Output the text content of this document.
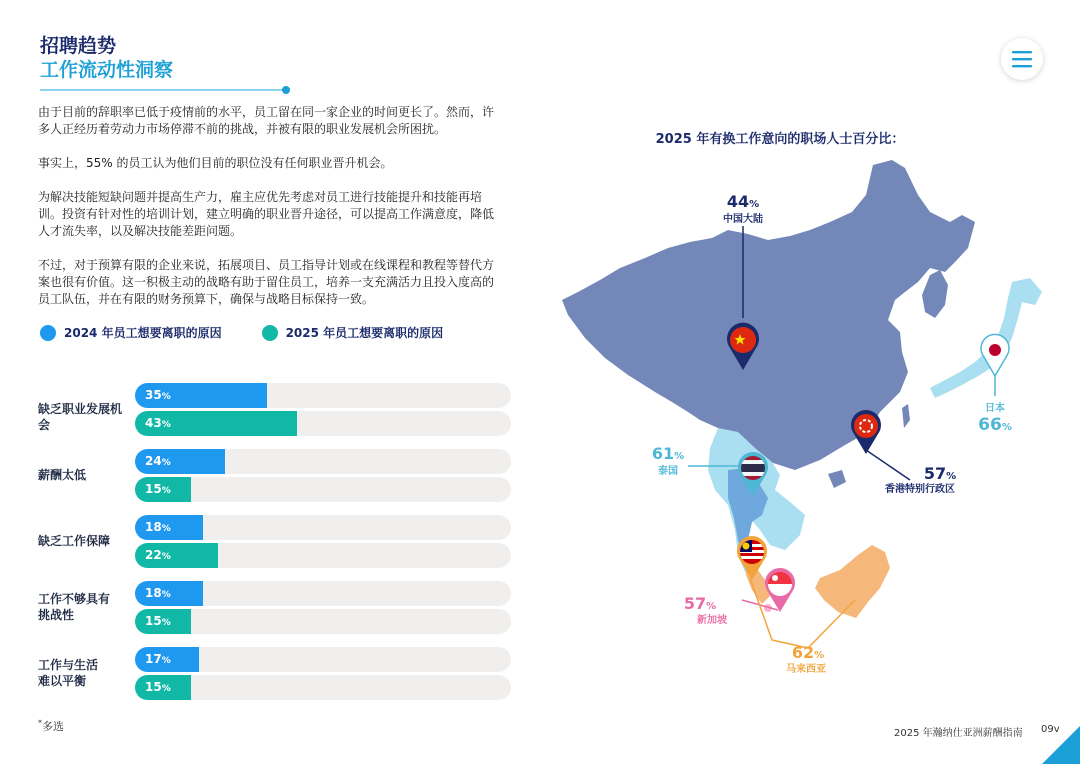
招聘趋势
工作流动性洞察

由于目前的辞职率已低于疫情前的水平，员工留在同一家企业的时间更长了。然而，许多人正经历着劳动力市场停滞不前的挑战，并被有限的职业发展机会所困扰。

事实上，55% 的员工认为他们目前的职位没有任何职业晋升机会。

为解决技能短缺问题并提高生产力，雇主应优先考虑对员工进行技能提升和技能再培训。投资有针对性的培训计划，建立明确的职业晋升途径，可以提高工作满意度，降低人才流失率，以及解决技能差距问题。

不过，对于预算有限的企业来说，拓展项目、员工指导计划或在线课程和教程等替代方案也很有价值。这一积极主动的战略有助于留住员工，培养一支充满活力且投入度高的员工队伍，并在有限的财务预算下，确保与战略目标保持一致。

2024 年员工想要离职的原因	2025 年员工想要离职的原因
缺乏职业发展机会
35%
43%
薪酬太低
24%
15%
缺乏工作保障
18%
22%
工作不够具有
挑战性
18%
15%
工作与生活
难以平衡
17%
15%
*多选
2025 年有换工作意向的职场人士百分比：
44%
中国大陆
日本
66%
61%
泰国	57%
香港特别行政区
57%
新加坡
62%
马来西亚
2025 年瀚纳仕亚洲薪酬指南 09v
